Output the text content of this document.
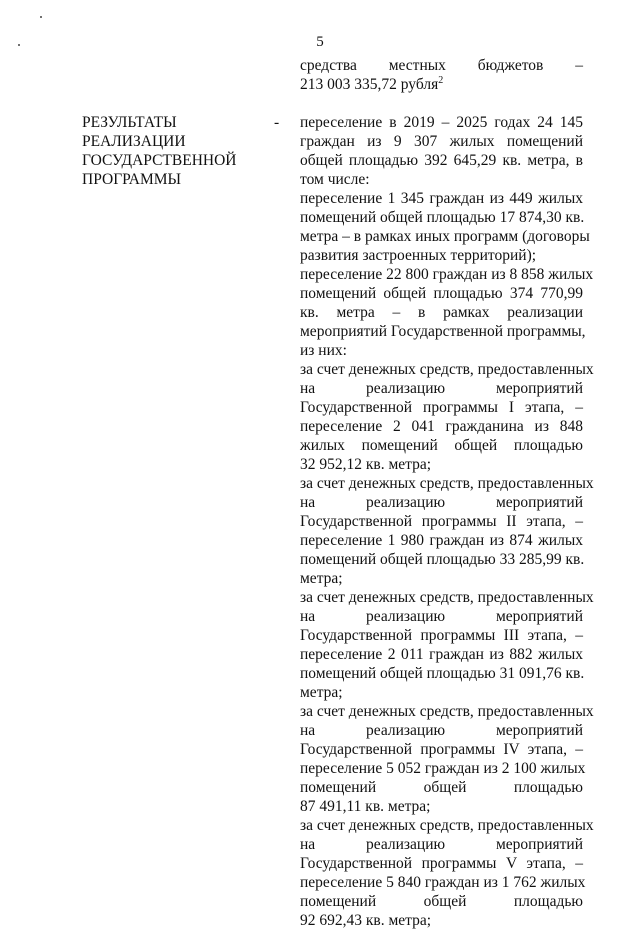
5
средства местных бюджетов –
213 003 335,72 рубля$^2$
РЕЗУЛЬТАТЫ
РЕАЛИЗАЦИИ
ГОСУДАРСТВЕННОЙ
ПРОГРАММЫ
- переселение в 2019 – 2025 годах 24 145
граждан из 9 307 жилых помещений
общей площадью 392 645,29 кв. метра, в
том числе:

переселение 1 345 граждан из 449 жилых
помещений общей площадью 17 874,30 кв.
метра – в рамках иных программ (договоры
развития застроенных территорий);

переселение 22 800 граждан из 8 858 жилых
помещений общей площадью 374 770,99
кв. метра – в рамках реализации
мероприятий Государственной программы,
из них:

за счет денежных средств, предоставленных
на реализацию мероприятий
Государственной программы I этапа, –
переселение 2 041 гражданина из 848
жилых помещений общей площадью
32 952,12 кв. метра;

за счет денежных средств, предоставленных
на реализацию мероприятий
Государственной программы II этапа, –
переселение 1 980 граждан из 874 жилых
помещений общей площадью 33 285,99 кв.
метра;

за счет денежных средств, предоставленных
на реализацию мероприятий
Государственной программы III этапа, –
переселение 2 011 граждан из 882 жилых
помещений общей площадью 31 091,76 кв.
метра;

за счет денежных средств, предоставленных
на реализацию мероприятий
Государственной программы IV этапа, –
переселение 5 052 граждан из 2 100 жилых
помещений общей площадью
87 491,11 кв. метра;

за счет денежных средств, предоставленных
на реализацию мероприятий
Государственной программы V этапа, –
переселение 5 840 граждан из 1 762 жилых
помещений общей площадью
92 692,43 кв. метра;
